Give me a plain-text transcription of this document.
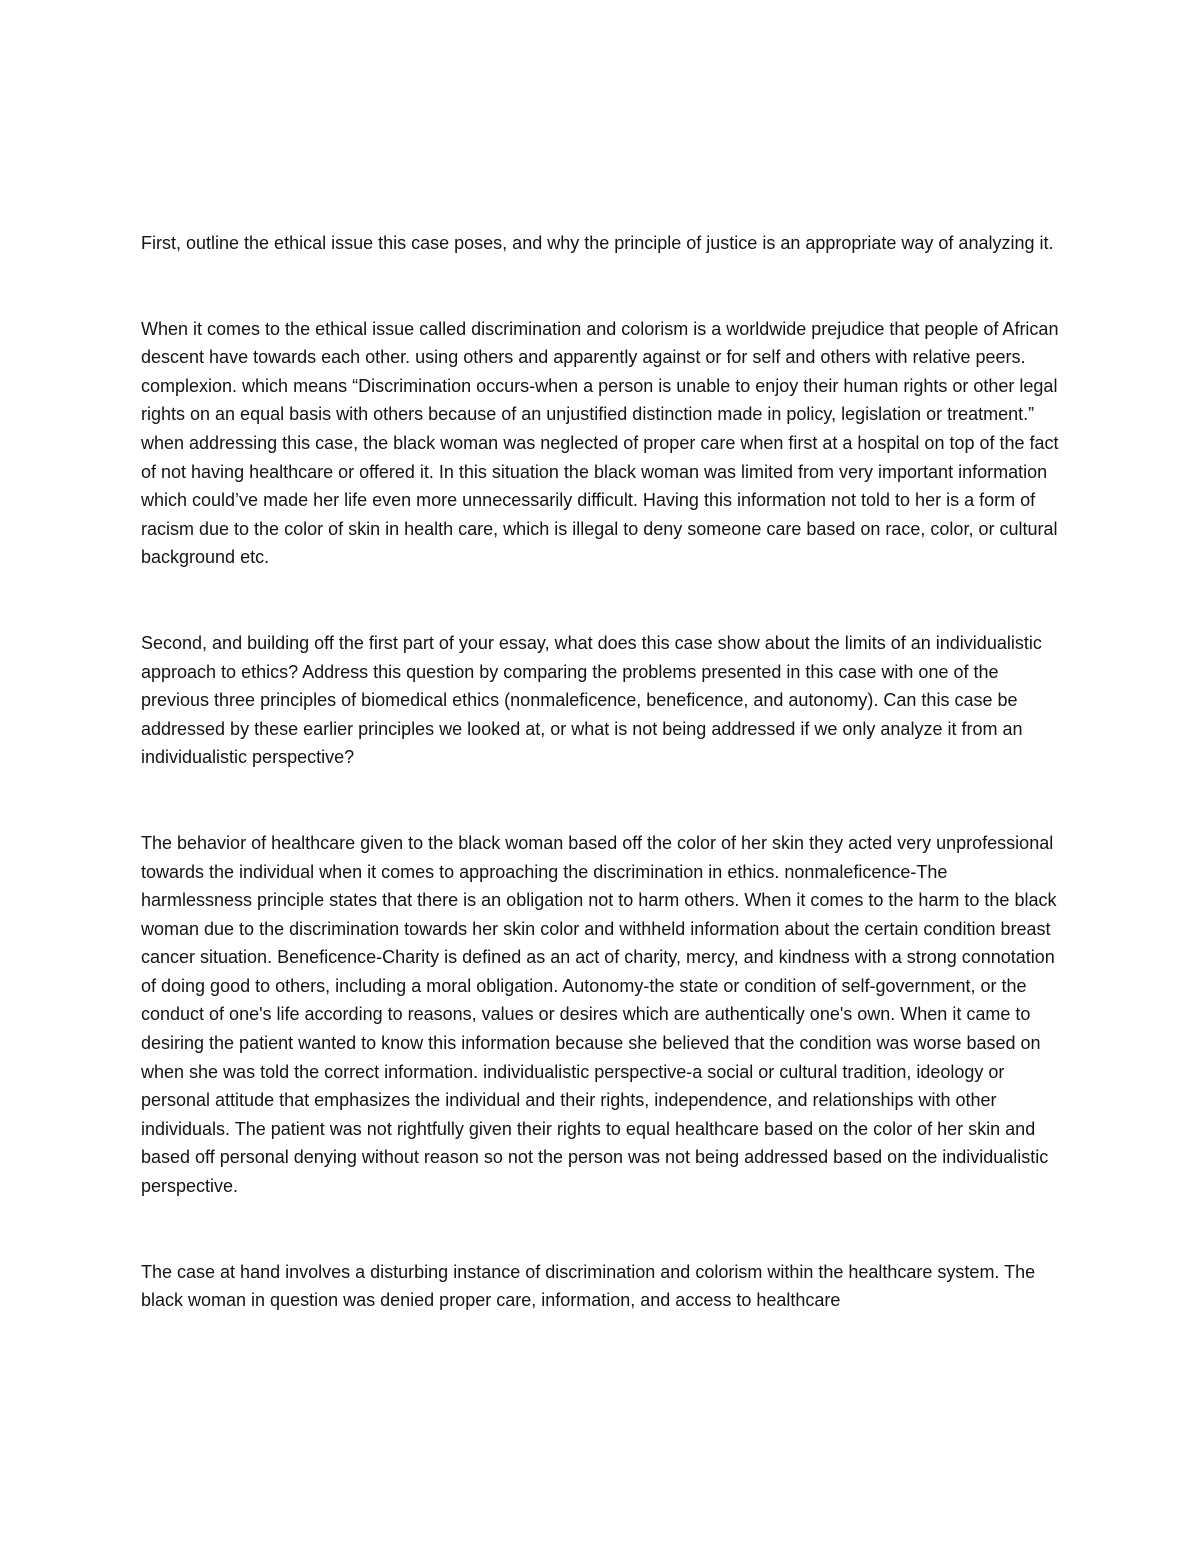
First, outline the ethical issue this case poses, and why the principle of justice is an appropriate way of analyzing it.

When it comes to the ethical issue called discrimination and colorism is a worldwide prejudice that people of African descent have towards each other. using others and apparently against or for self and others with relative peers. complexion. which means “Discrimination occurs-when a person is unable to enjoy their human rights or other legal rights on an equal basis with others because of an unjustified distinction made in policy, legislation or treatment.” when addressing this case, the black woman was neglected of proper care when first at a hospital on top of the fact of not having healthcare or offered it. In this situation the black woman was limited from very important information which could’ve made her life even more unnecessarily difficult. Having this information not told to her is a form of racism due to the color of skin in health care, which is illegal to deny someone care based on race, color, or cultural background etc.

Second, and building off the first part of your essay, what does this case show about the limits of an individualistic approach to ethics? Address this question by comparing the problems presented in this case with one of the previous three principles of biomedical ethics (nonmaleficence, beneficence, and autonomy). Can this case be addressed by these earlier principles we looked at, or what is not being addressed if we only analyze it from an individualistic perspective?

The behavior of healthcare given to the black woman based off the color of her skin they acted very unprofessional towards the individual when it comes to approaching the discrimination in ethics. nonmaleficence-The harmlessness principle states that there is an obligation not to harm others. When it comes to the harm to the black woman due to the discrimination towards her skin color and withheld information about the certain condition breast cancer situation. Beneficence-Charity is defined as an act of charity, mercy, and kindness with a strong connotation of doing good to others, including a moral obligation. Autonomy-the state or condition of self-government, or the conduct of one's life according to reasons, values or desires which are authentically one's own. When it came to desiring the patient wanted to know this information because she believed that the condition was worse based on when she was told the correct information. individualistic perspective-a social or cultural tradition, ideology or personal attitude that emphasizes the individual and their rights, independence, and relationships with other individuals. The patient was not rightfully given their rights to equal healthcare based on the color of her skin and based off personal denying without reason so not the person was not being addressed based on the individualistic perspective.

The case at hand involves a disturbing instance of discrimination and colorism within the healthcare system. The black woman in question was denied proper care, information, and access to healthcare
